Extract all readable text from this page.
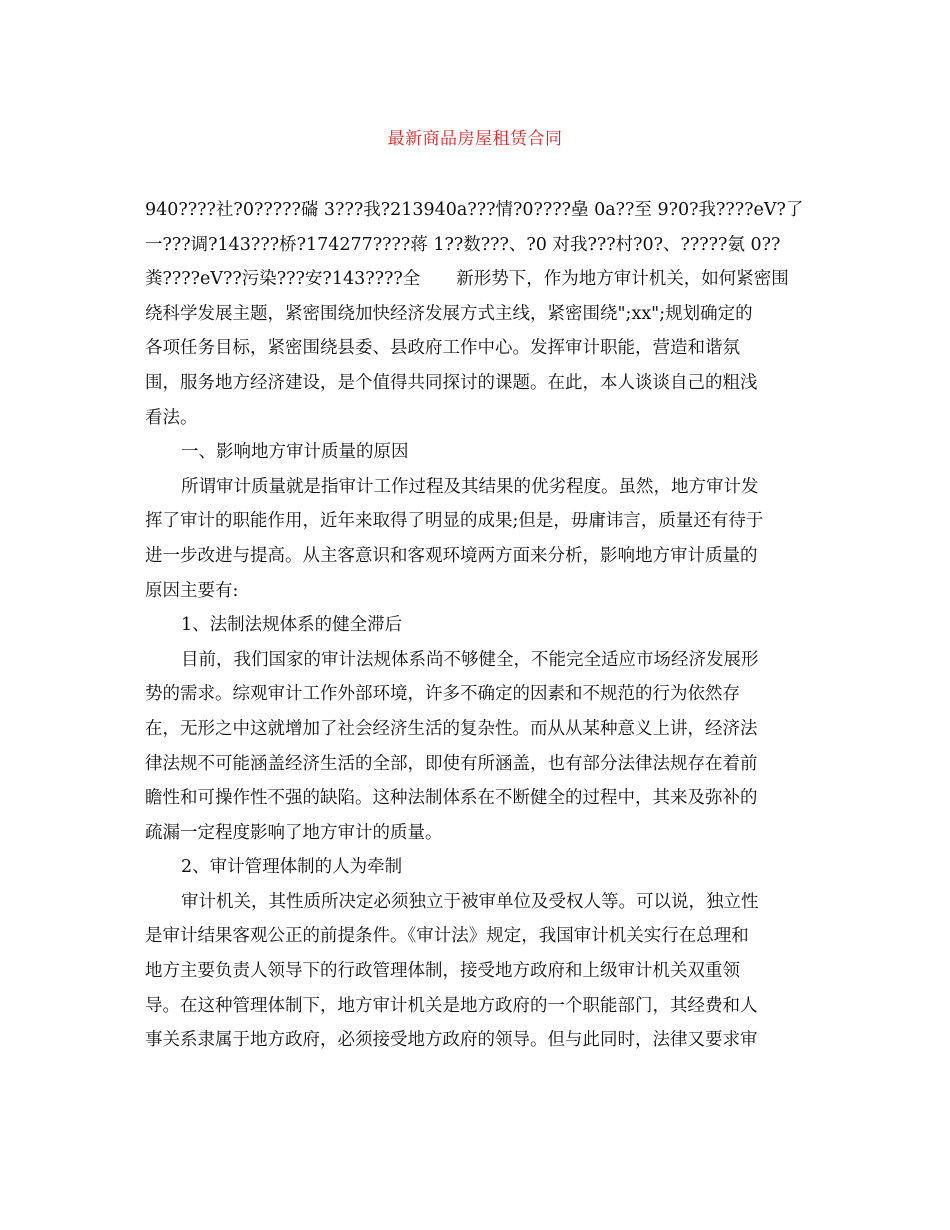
最新商品房屋租赁合同
940????社?0?????磮 3???我?213940a???情?0????皨 0a??至 9?0?我????eV?了
一???调?143???桥?174277????蒋 1??数???、?0 对我???村?0?、?????氨 0??
粪????eV??污染???安?143????全 新形势下，作为地方审计机关，如何紧密围
绕科学发展主题，紧密围绕加快经济发展方式主线，紧密围绕";xx";规划确定的
各项任务目标，紧密围绕县委、县政府工作中心。发挥审计职能，营造和谐氛
围，服务地方经济建设，是个值得共同探讨的课题。在此，本人谈谈自己的粗浅
看法。
一、影响地方审计质量的原因
所谓审计质量就是指审计工作过程及其结果的优劣程度。虽然，地方审计发
挥了审计的职能作用，近年来取得了明显的成果;但是，毋庸讳言，质量还有待于
进一步改进与提高。从主客意识和客观环境两方面来分析，影响地方审计质量的
原因主要有:
1、法制法规体系的健全滞后
目前，我们国家的审计法规体系尚不够健全，不能完全适应市场经济发展形
势的需求。综观审计工作外部环境，许多不确定的因素和不规范的行为依然存
在，无形之中这就增加了社会经济生活的复杂性。而从从某种意义上讲，经济法
律法规不可能涵盖经济生活的全部，即使有所涵盖，也有部分法律法规存在着前
瞻性和可操作性不强的缺陷。这种法制体系在不断健全的过程中，其来及弥补的
疏漏一定程度影响了地方审计的质量。
2、审计管理体制的人为牵制
审计机关，其性质所决定必须独立于被审单位及受权人等。可以说，独立性
是审计结果客观公正的前提条件。《审计法》规定，我国审计机关实行在总理和
地方主要负责人领导下的行政管理体制，接受地方政府和上级审计机关双重领
导。在这种管理体制下，地方审计机关是地方政府的一个职能部门，其经费和人
事关系隶属于地方政府，必须接受地方政府的领导。但与此同时，法律又要求审
